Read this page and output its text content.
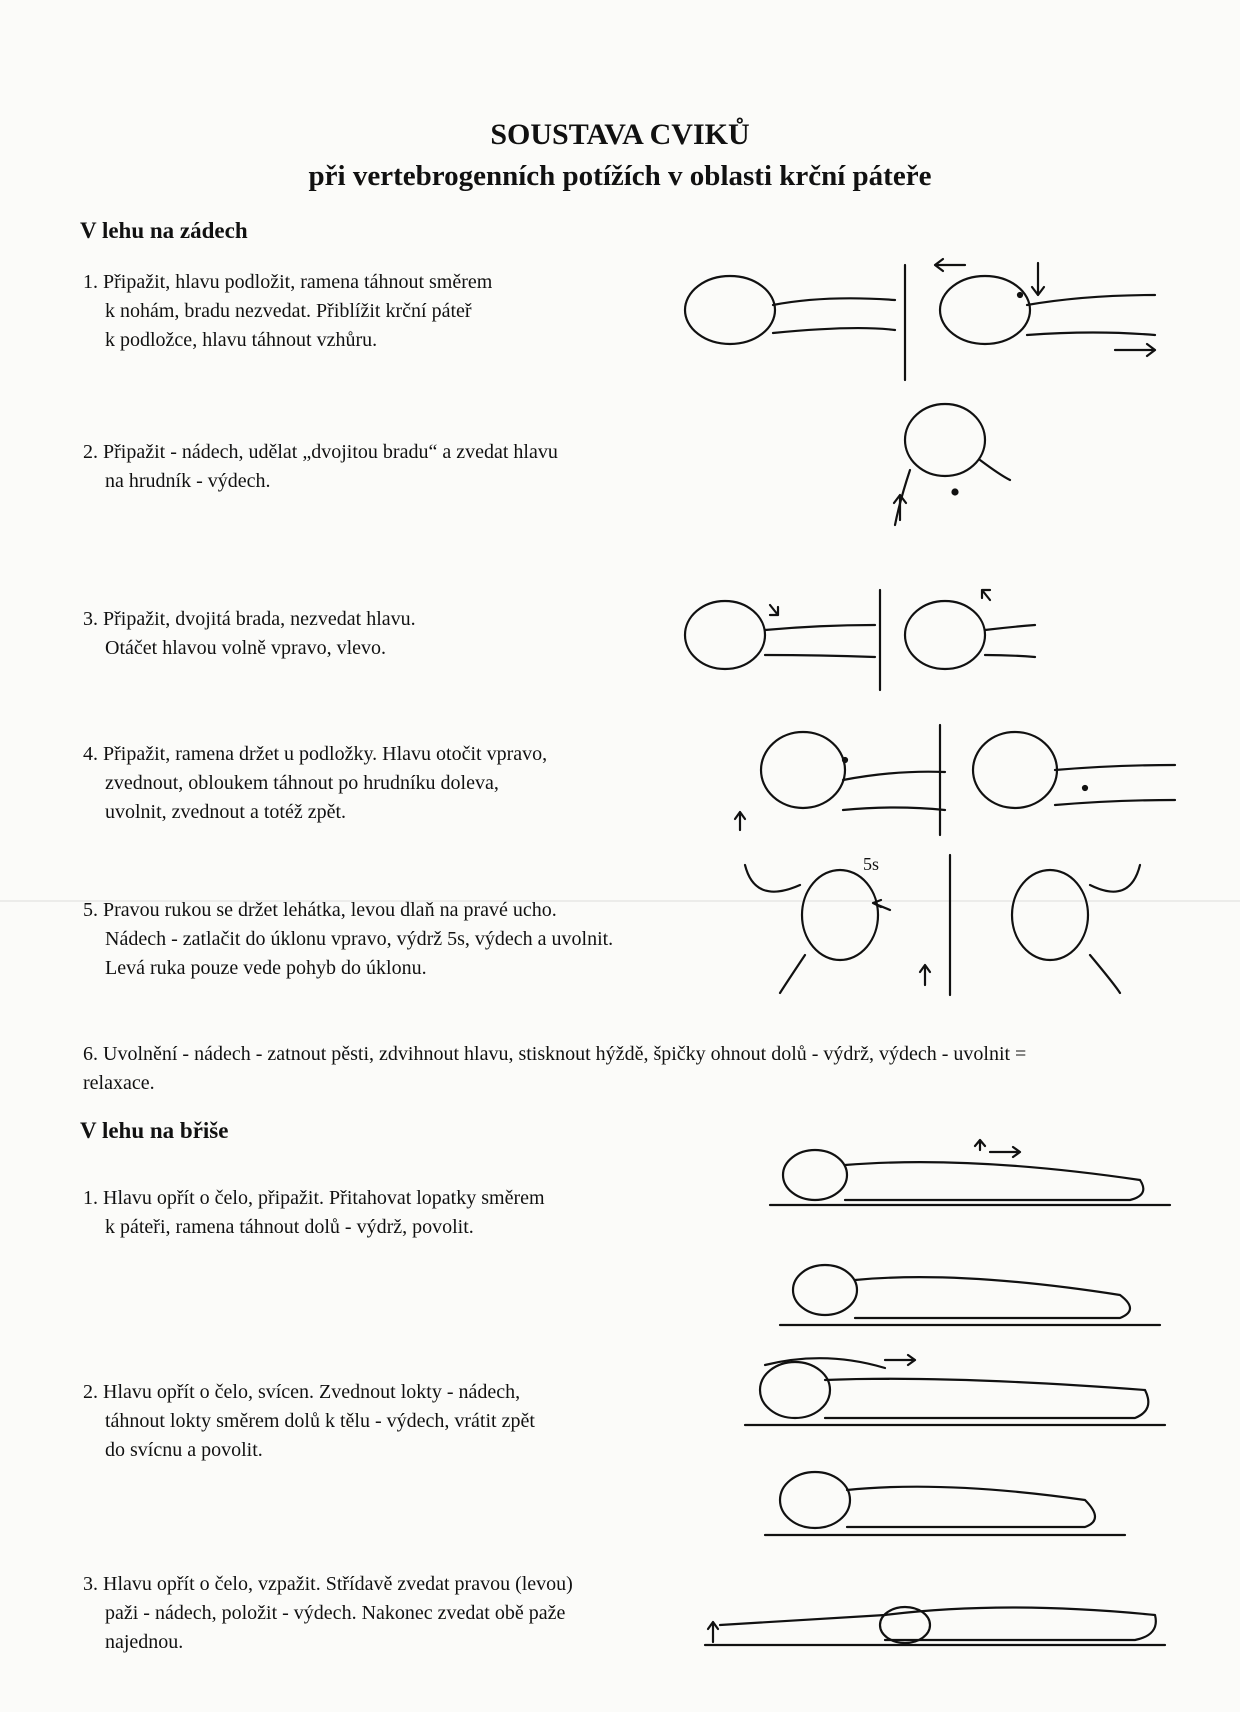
SOUSTAVA CVIKŮ
při vertebrogenních potížích v oblasti krční páteře
V lehu na zádech
1. Připažit, hlavu podložit, ramena táhnout směrem
k nohám, bradu nezvedat. Přiblížit krční páteř
k podložce, hlavu táhnout vzhůru.
2. Připažit - nádech, udělat „dvojitou bradu“ a zvedat hlavu
na hrudník - výdech.
3. Připažit, dvojitá brada, nezvedat hlavu.
Otáčet hlavou volně vpravo, vlevo.
4. Připažit, ramena držet u podložky. Hlavu otočit vpravo,
zvednout, obloukem táhnout po hrudníku doleva,
uvolnit, zvednout a totéž zpět.
5. Pravou rukou se držet lehátka, levou dlaň na pravé ucho.
Nádech - zatlačit do úklonu vpravo, výdrž 5s, výdech a uvolnit.
Levá ruka pouze vede pohyb do úklonu.
6. Uvolnění - nádech - zatnout pěsti, zdvihnout hlavu, stisknout hýždě, špičky ohnout dolů - výdrž, výdech - uvolnit =
relaxace.
V lehu na břiše
1. Hlavu opřít o čelo, připažit. Přitahovat lopatky směrem
k páteři, ramena táhnout dolů - výdrž, povolit.
2. Hlavu opřít o čelo, svícen. Zvednout lokty - nádech,
táhnout lokty směrem dolů k tělu - výdech, vrátit zpět
do svícnu a povolit.
3. Hlavu opřít o čelo, vzpažit. Střídavě zvedat pravou (levou)
paži - nádech, položit - výdech. Nakonec zvedat obě paže
najednou.
5s
